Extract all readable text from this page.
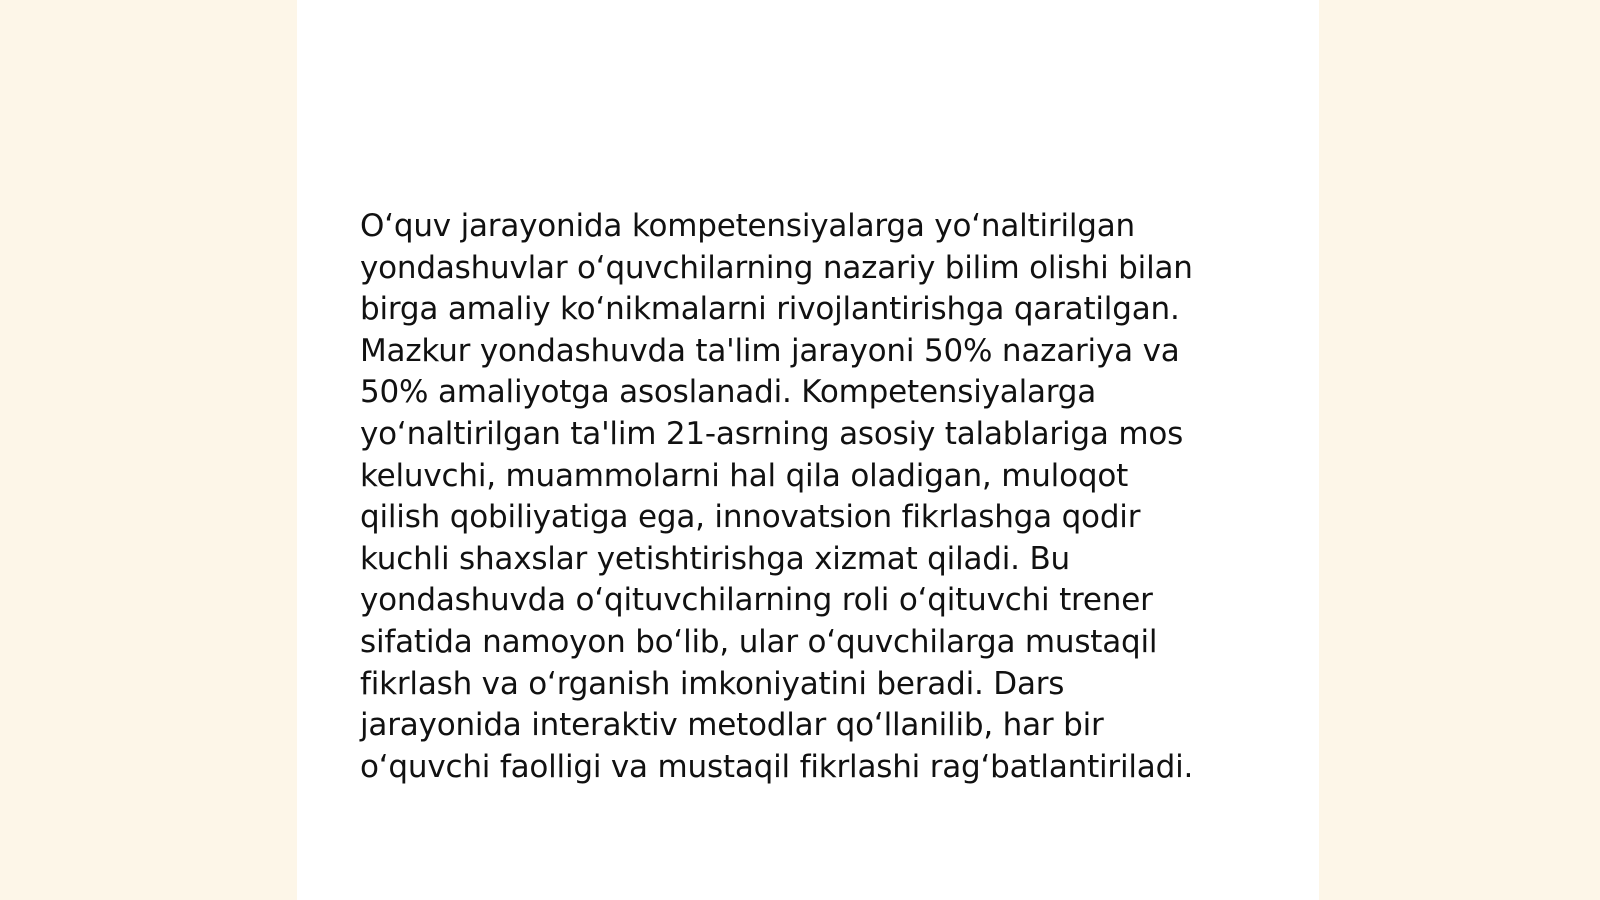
O‘quv jarayonida kompetensiyalarga yo‘naltirilgan
yondashuvlar o‘quvchilarning nazariy bilim olishi bilan
birga amaliy ko‘nikmalarni rivojlantirishga qaratilgan.
Mazkur yondashuvda ta'lim jarayoni 50% nazariya va
50% amaliyotga asoslanadi. Kompetensiyalarga
yo‘naltirilgan ta'lim 21-asrning asosiy talablariga mos
keluvchi, muammolarni hal qila oladigan, muloqot
qilish qobiliyatiga ega, innovatsion fikrlashga qodir
kuchli shaxslar yetishtirishga xizmat qiladi. Bu
yondashuvda o‘qituvchilarning roli o‘qituvchi trener
sifatida namoyon bo‘lib, ular o‘quvchilarga mustaqil
fikrlash va o‘rganish imkoniyatini beradi. Dars
jarayonida interaktiv metodlar qo‘llanilib, har bir
o‘quvchi faolligi va mustaqil fikrlashi rag‘batlantiriladi.
